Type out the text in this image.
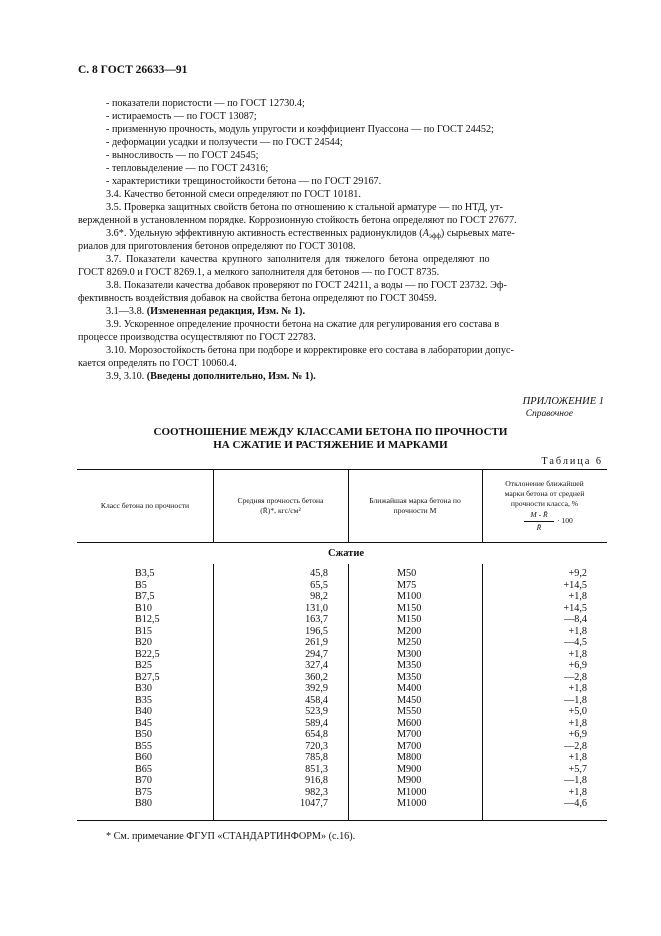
С. 8 ГОСТ 26633—91
- показатели пористости — по ГОСТ 12730.4;
- истираемость — по ГОСТ 13087;
- призменную прочность, модуль упругости и коэффициент Пуассона — по ГОСТ 24452;
- деформации усадки и ползучести — по ГОСТ 24544;
- выносливость — по ГОСТ 24545;
- тепловыделение — по ГОСТ 24316;
- характеристики трещиностойкости бетона — по ГОСТ 29167.
3.4. Качество бетонной смеси определяют по ГОСТ 10181.
3.5. Проверка защитных свойств бетона по отношению к стальной арматуре — по НТД, ут-
вержденной в установленном порядке. Коррозионную стойкость бетона определяют по ГОСТ 27677.
3.6*. Удельную эффективную активность естественных радионуклидов $(A_{эфф})$ сырьевых мате-
риалов для приготовления бетонов определяют по ГОСТ 30108.
3.7. Показатели качества крупного заполнителя для тяжелого бетона определяют по
ГОСТ 8269.0 и ГОСТ 8269.1, а мелкого заполнителя для бетонов — по ГОСТ 8735.
3.8. Показатели качества добавок проверяют по ГОСТ 24211, а воды — по ГОСТ 23732. Эф-
фективность воздействия добавок на свойства бетона определяют по ГОСТ 30459.
3.1—3.8. (Измененная редакция, Изм. № 1).
3.9. Ускоренное определение прочности бетона на сжатие для регулирования его состава в
процессе производства осуществляют по ГОСТ 22783.
3.10. Морозостойкость бетона при подборе и корректировке его состава в лаборатории допус-
кается определять по ГОСТ 10060.4.
3.9, 3.10. (Введены дополнительно, Изм. № 1).
ПРИЛОЖЕНИЕ 1
Справочное
СООТНОШЕНИЕ МЕЖДУ КЛАССАМИ БЕТОНА ПО ПРОЧНОСТИ
НА СЖАТИЕ И РАСТЯЖЕНИЕ И МАРКАМИ
Таблица 6
Класс бетона по прочности
Средняя прочность бетона
(R̄)*, кгс/см²
Ближайшая марка бетона по
прочности М
Отклонение ближайшей
марки бетона от средней
прочности класса, %
M - R̄
R̄
· 100
Сжатие
B3,5
B5
B7,5
B10
B12,5
B15
B20
B22,5
B25
B27,5
B30
B35
B40
B45
B50
B55
B60
B65
B70
B75
B80
45,8
65,5
98,2
131,0
163,7
196,5
261,9
294,7
327,4
360,2
392,9
458,4
523,9
589,4
654,8
720,3
785,8
851,3
916,8
982,3
1047,7
M50
M75
M100
M150
M150
M200
M250
M300
M350
M350
M400
M450
M550
M600
M700
M700
M800
M900
M900
M1000
M1000
+9,2
+14,5
+1,8
+14,5
—8,4
+1,8
—4,5
+1,8
+6,9
—2,8
+1,8
—1,8
+5,0
+1,8
+6,9
—2,8
+1,8
+5,7
—1,8
+1,8
—4,6
* См. примечание ФГУП «СТАНДАРТИНФОРМ» (с.16).
